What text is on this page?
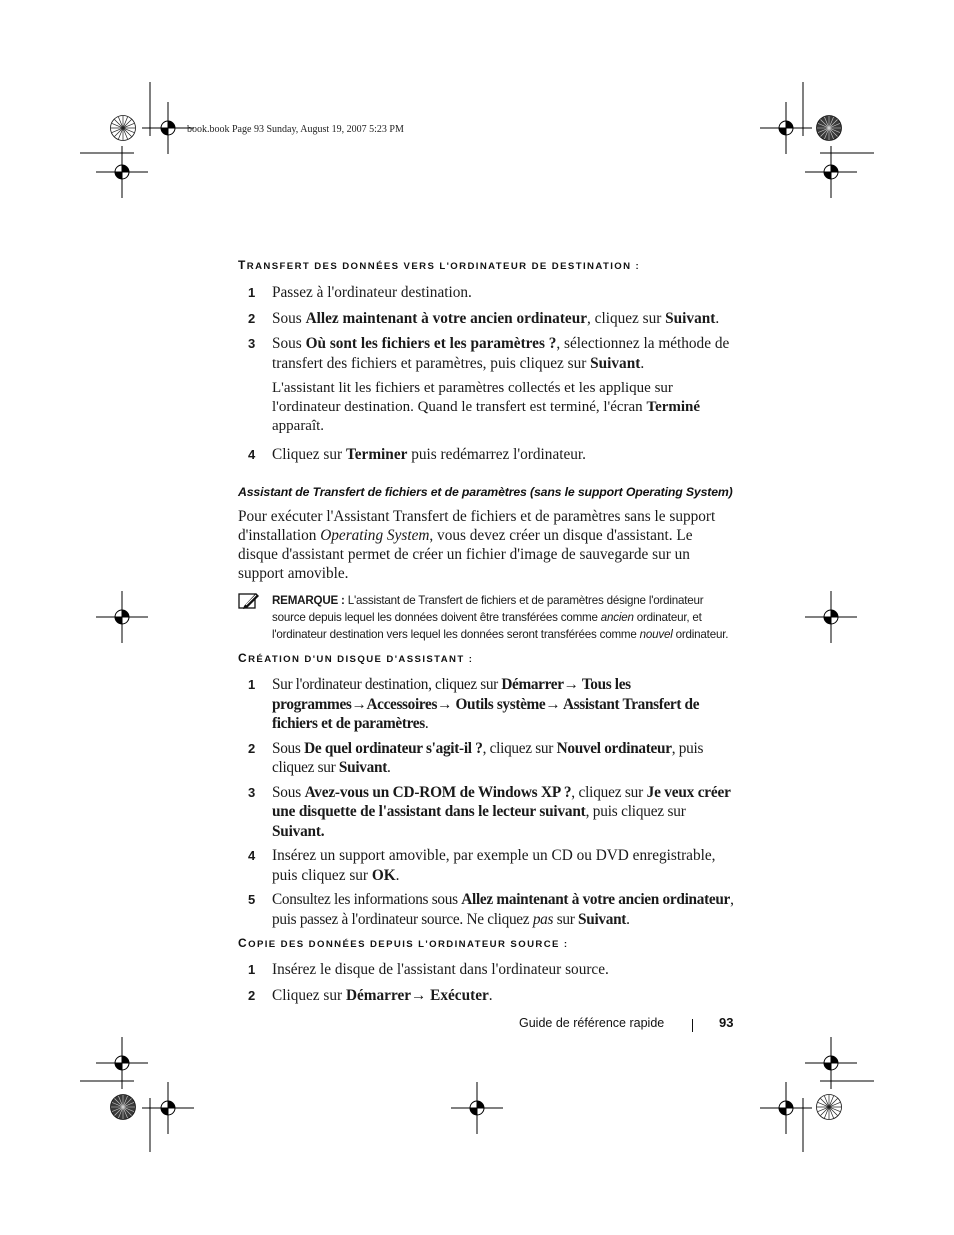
book.book Page 93 Sunday, August 19, 2007 5:23 PM
TRANSFERT DES DONNÉES VERS L'ORDINATEUR DE DESTINATION :
1	Passez à l'ordinateur destination.
2	Sous Allez maintenant à votre ancien ordinateur, cliquez sur Suivant.
3	Sous Où sont les fichiers et les paramètres ?, sélectionnez la méthode de transfert des fichiers et paramètres, puis cliquez sur Suivant.
L'assistant lit les fichiers et paramètres collectés et les applique sur l'ordinateur destination. Quand le transfert est terminé, l'écran Terminé apparaît.
4	Cliquez sur Terminer puis redémarrez l'ordinateur.
Assistant de Transfert de fichiers et de paramètres (sans le support Operating System)

Pour exécuter l'Assistant Transfert de fichiers et de paramètres sans le support d'installation Operating System, vous devez créer un disque d'assistant. Le disque d'assistant permet de créer un fichier d'image de sauvegarde sur un support amovible.

REMARQUE : L'assistant de Transfert de fichiers et de paramètres désigne l'ordinateur source depuis lequel les données doivent être transférées comme ancien ordinateur, et l'ordinateur destination vers lequel les données seront transférées comme nouvel ordinateur.
CRÉATION D'UN DISQUE D'ASSISTANT :
1	Sur l'ordinateur destination, cliquez sur Démarrer→ Tous les programmes→Accessoires→ Outils système→ Assistant Transfert de fichiers et de paramètres.
2	Sous De quel ordinateur s'agit-il ?, cliquez sur Nouvel ordinateur, puis cliquez sur Suivant.
3	Sous Avez-vous un CD-ROM de Windows XP ?, cliquez sur Je veux créer une disquette de l'assistant dans le lecteur suivant, puis cliquez sur Suivant.
4	Insérez un support amovible, par exemple un CD ou DVD enregistrable, puis cliquez sur OK.
5	Consultez les informations sous Allez maintenant à votre ancien ordinateur, puis passez à l'ordinateur source. Ne cliquez pas sur Suivant.
COPIE DES DONNÉES DEPUIS L'ORDINATEUR SOURCE :
1	Insérez le disque de l'assistant dans l'ordinateur source.
2	Cliquez sur Démarrer→ Exécuter.
Guide de référence rapide	93
